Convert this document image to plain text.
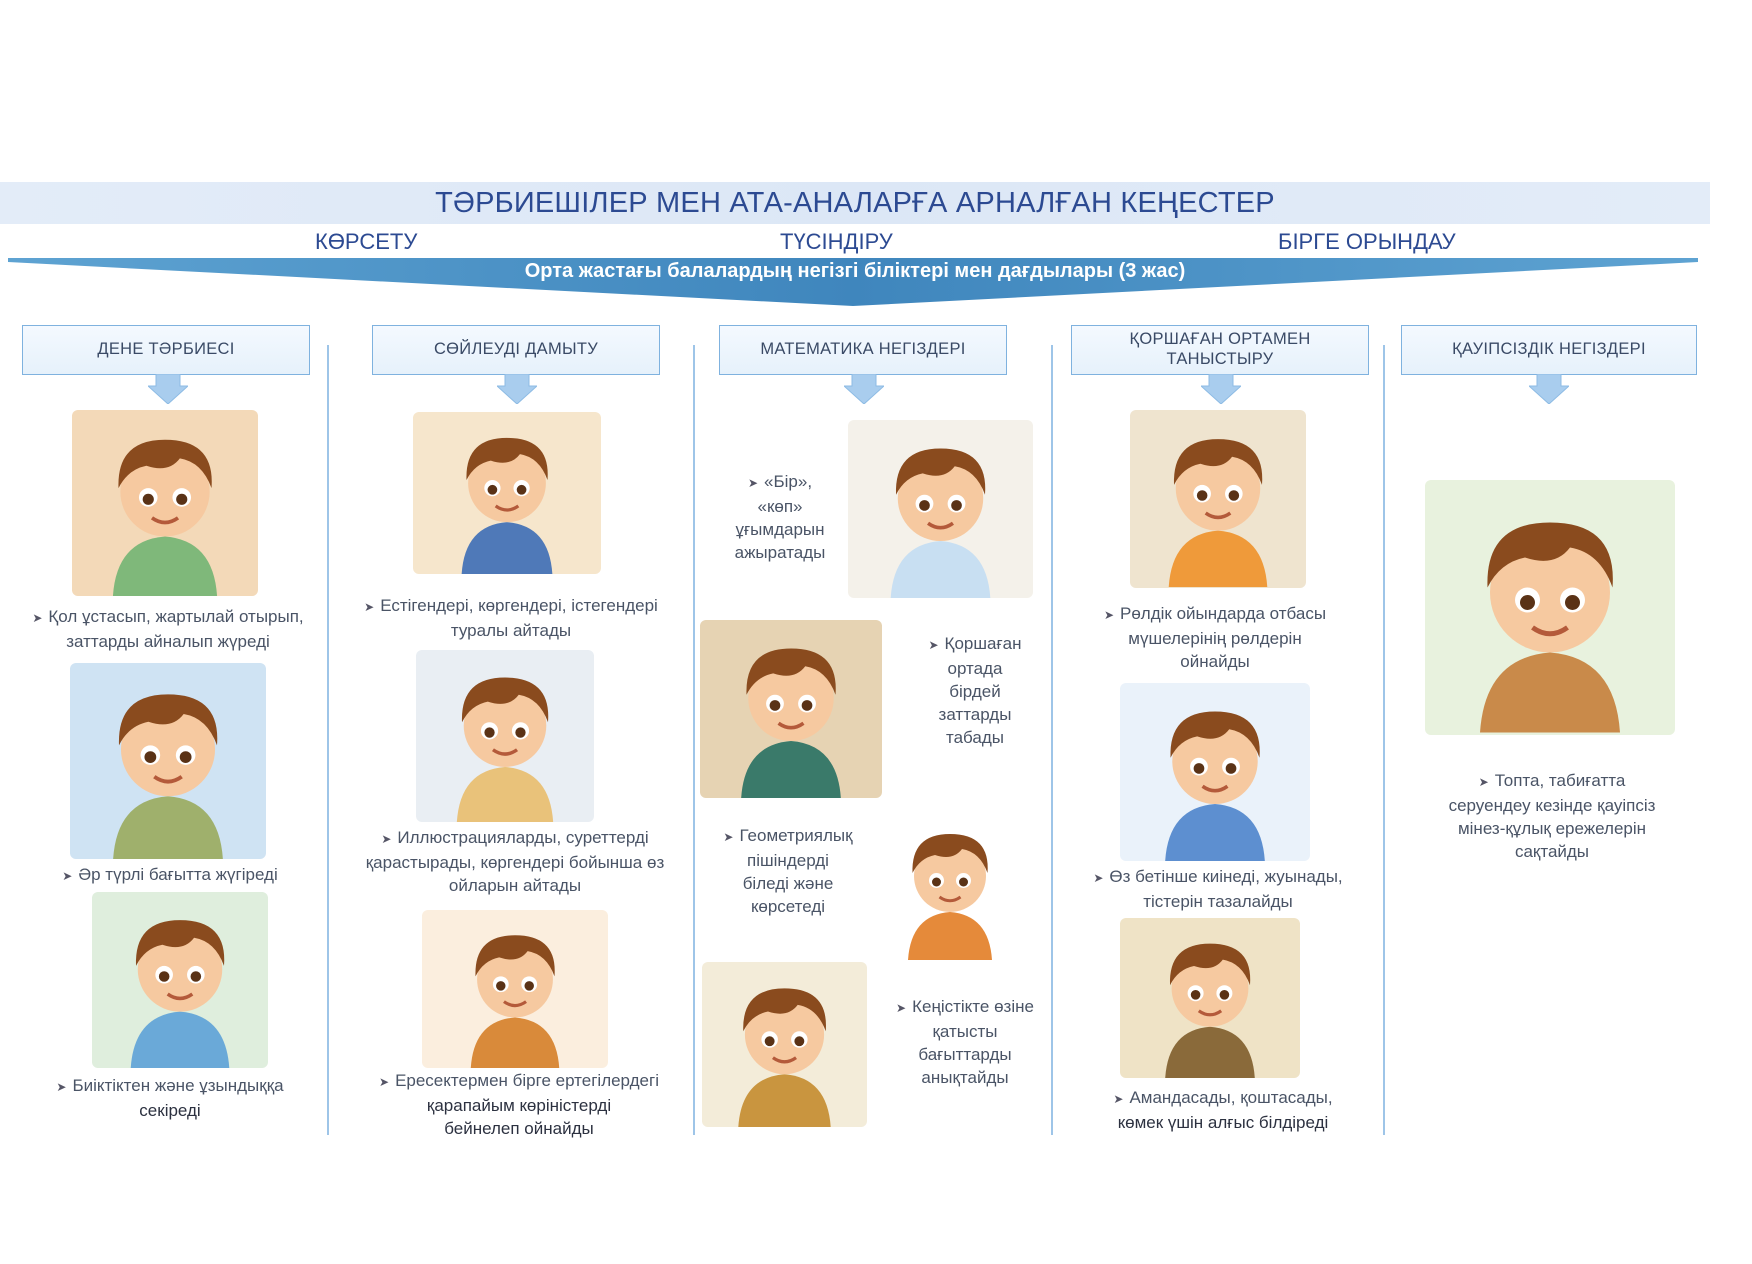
ТӘРБИЕШІЛЕР МЕН АТА-АНАЛАРҒА АРНАЛҒАН КЕҢЕСТЕР
КӨРСЕТУ	ТҮСІНДІРУ	БІРГЕ ОРЫНДАУ
Орта жастағы балалардың негізгі біліктері мен дағдылары (3 жас)
ДЕНЕ ТӘРБИЕСІ	СӨЙЛЕУДІ ДАМЫТУ	МАТЕМАТИКА НЕГІЗДЕРІ
ҚОРШАҒАН ОРТАМЕН ТАНЫСТЫРУ
ҚАУІПСІЗДІК НЕГІЗДЕРІ
➤ Қол ұстасып, жартылай отырып,
заттарды айналып жүреді
➤ Әр түрлі бағытта жүгіреді
➤ Биіктіктен және ұзындыққа
секіреді
➤ Естігендері, көргендері, істегендері
туралы айтады
➤ Иллюстрацияларды, суреттерді
қарастырады, көргендері бойынша өз
ойларын айтады
➤ Ересектермен бірге ертегілердегі
қарапайым көріністерді бейнелеп ойнайды
➤ «Бір»,
«көп»
ұғымдарын
ажыратады
➤ Қоршаған
ортада
бірдей
заттарды
табады
➤ Геометриялық
пішіндерді
біледі және
көрсетеді
➤ Кеңістікте өзіне
қатысты
бағыттарды
анықтайды
➤ Рөлдік ойындарда отбасы
мүшелерінің рөлдерін
ойнайды
➤ Өз бетінше киінеді, жуынады,
тістерін тазалайды
➤ Амандасады, қоштасады,
көмек үшін алғыс білдіреді
➤ Топта, табиғатта
серуендеу кезінде қауіпсіз
мінез-құлық ережелерін
сақтайды
